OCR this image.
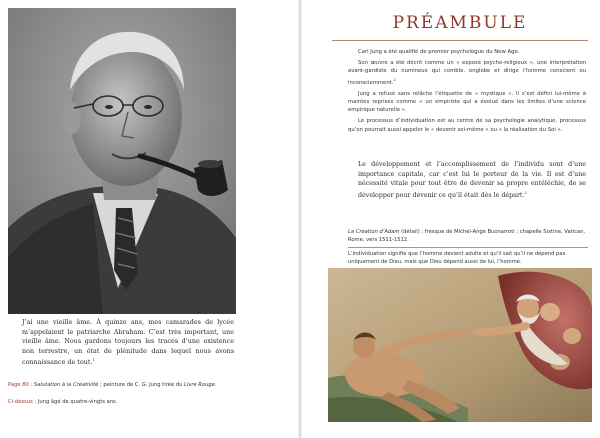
J’ai une vieille âme. À quinze ans, mes camarades de lycée m’appelaient le patriarche Abraham. C’est très important, une vieille âme. Nous gardons toujours les traces d’une existence non terrestre, un état de plénitude dans lequel nous avons connaissance de tout.$^1$

Page 80 : Salutation à la Créativité ; peinture de C. G. Jung tirée du Livre Rouge.
Ci-dessus : Jung âgé de quatre-vingts ans.
PRÉAMBULE

Carl Jung a été qualifié de premier psychologue du New Age.

Son œuvre a été décrit comme un « exposé psycho-religieux », une interprétation avant-gardiste du numineux qui comble, englobe et dirige l’homme conscient ou inconsciemment.$^2$

Jung a refusé sans relâche l’étiquette de « mystique ». Il s’est défini lui-même à maintes reprises comme « un empiriste qui a évolué dans les limites d’une science empirique naturelle ».

Le processus d’individuation est au centre de sa psychologie analytique, processus qu’on pourrait aussi appeler le « devenir soi-même » ou « la réalisation du Soi ».

Le développement et l’accomplissement de l’individu sont d’une importance capitale, car c’est lui le porteur de la vie. Il est d’une nécessité vitale pour tout être de devenir sa propre entéléchie, de se développer pour devenir ce qu’il était dès le départ.$^3$
La Création d’Adam (détail) ; fresque de Michel-Ange Buonarroti ; chapelle Sixtine, Vatican, Rome, vers 1511-1512.
L’individuation signifie que l’homme devient adulte et qu’il sait qu’il ne dépend pas uniquement de Dieu, mais que Dieu dépend aussi de lui, l’homme.
